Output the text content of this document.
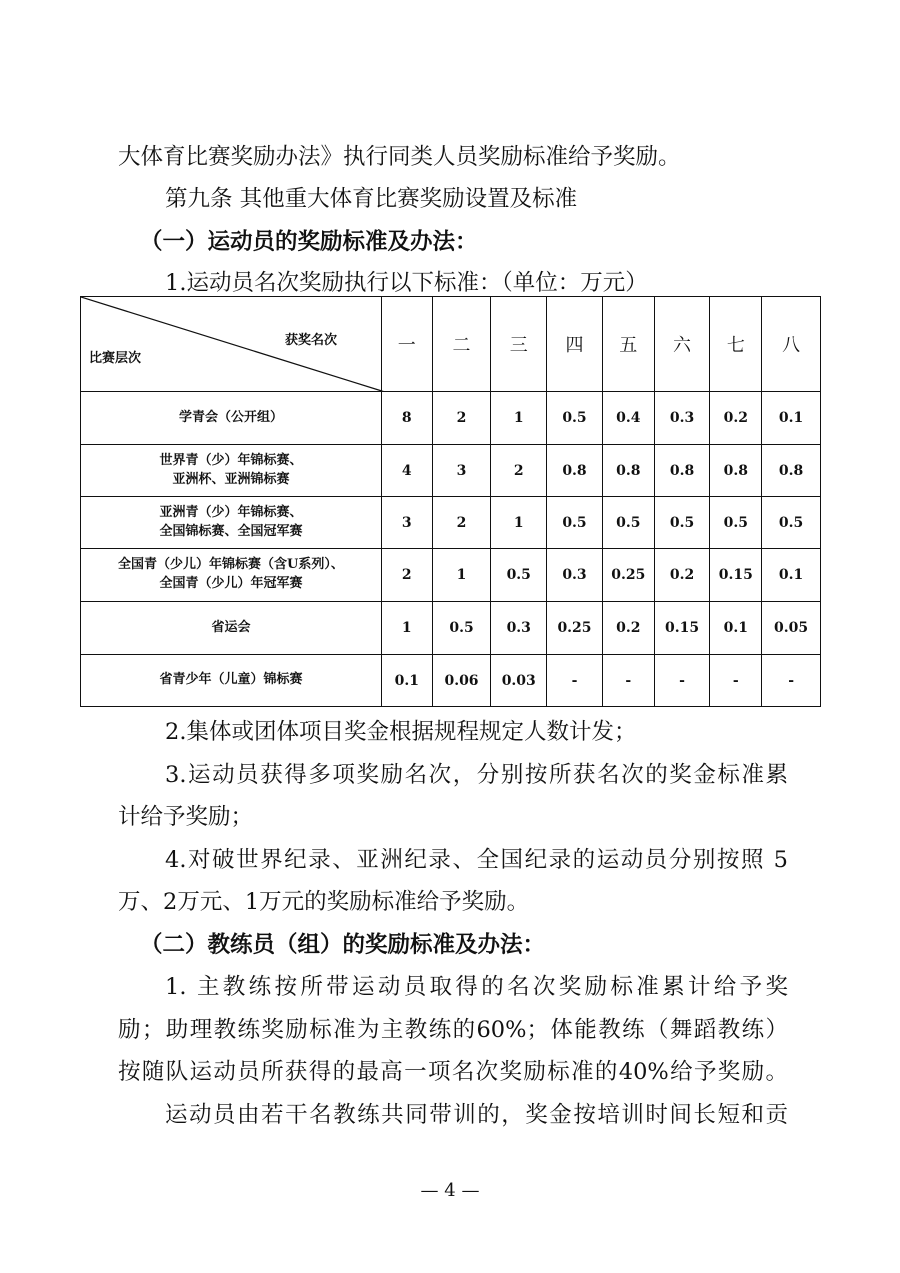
大体育比赛奖励办法》执行同类人员奖励标准给予奖励。
第九条 其他重大体育比赛奖励设置及标准
（一）运动员的奖励标准及办法：
1.运动员名次奖励执行以下标准：（单位：万元）
获奖名次
比赛层次	一	二	三	四	五	六	七	八
学青会（公开组）	8	2	1	0.5	0.4	0.3	0.2	0.1
世界青（少）年锦标赛、
亚洲杯、亚洲锦标赛	4	3	2	0.8	0.8	0.8	0.8	0.8
亚洲青（少）年锦标赛、
全国锦标赛、全国冠军赛	3	2	1	0.5	0.5	0.5	0.5	0.5
全国青（少儿）年锦标赛（含U系列）、
全国青（少儿）年冠军赛	2	1	0.5	0.3	0.25	0.2	0.15	0.1
省运会	1	0.5	0.3	0.25	0.2	0.15	0.1	0.05
省青少年（儿童）锦标赛	0.1	0.06	0.03	-	-	-	-	-
2.集体或团体项目奖金根据规程规定人数计发；
3.运动员获得多项奖励名次，分别按所获名次的奖金标准累
计给予奖励；
4.对破世界纪录、亚洲纪录、全国纪录的运动员分别按照 5
万、2万元、1万元的奖励标准给予奖励。
（二）教练员（组）的奖励标准及办法：
1. 主教练按所带运动员取得的名次奖励标准累计给予奖
励；助理教练奖励标准为主教练的60%；体能教练（舞蹈教练）
按随队运动员所获得的最高一项名次奖励标准的40%给予奖励。
运动员由若干名教练共同带训的，奖金按培训时间长短和贡
— 4 —
